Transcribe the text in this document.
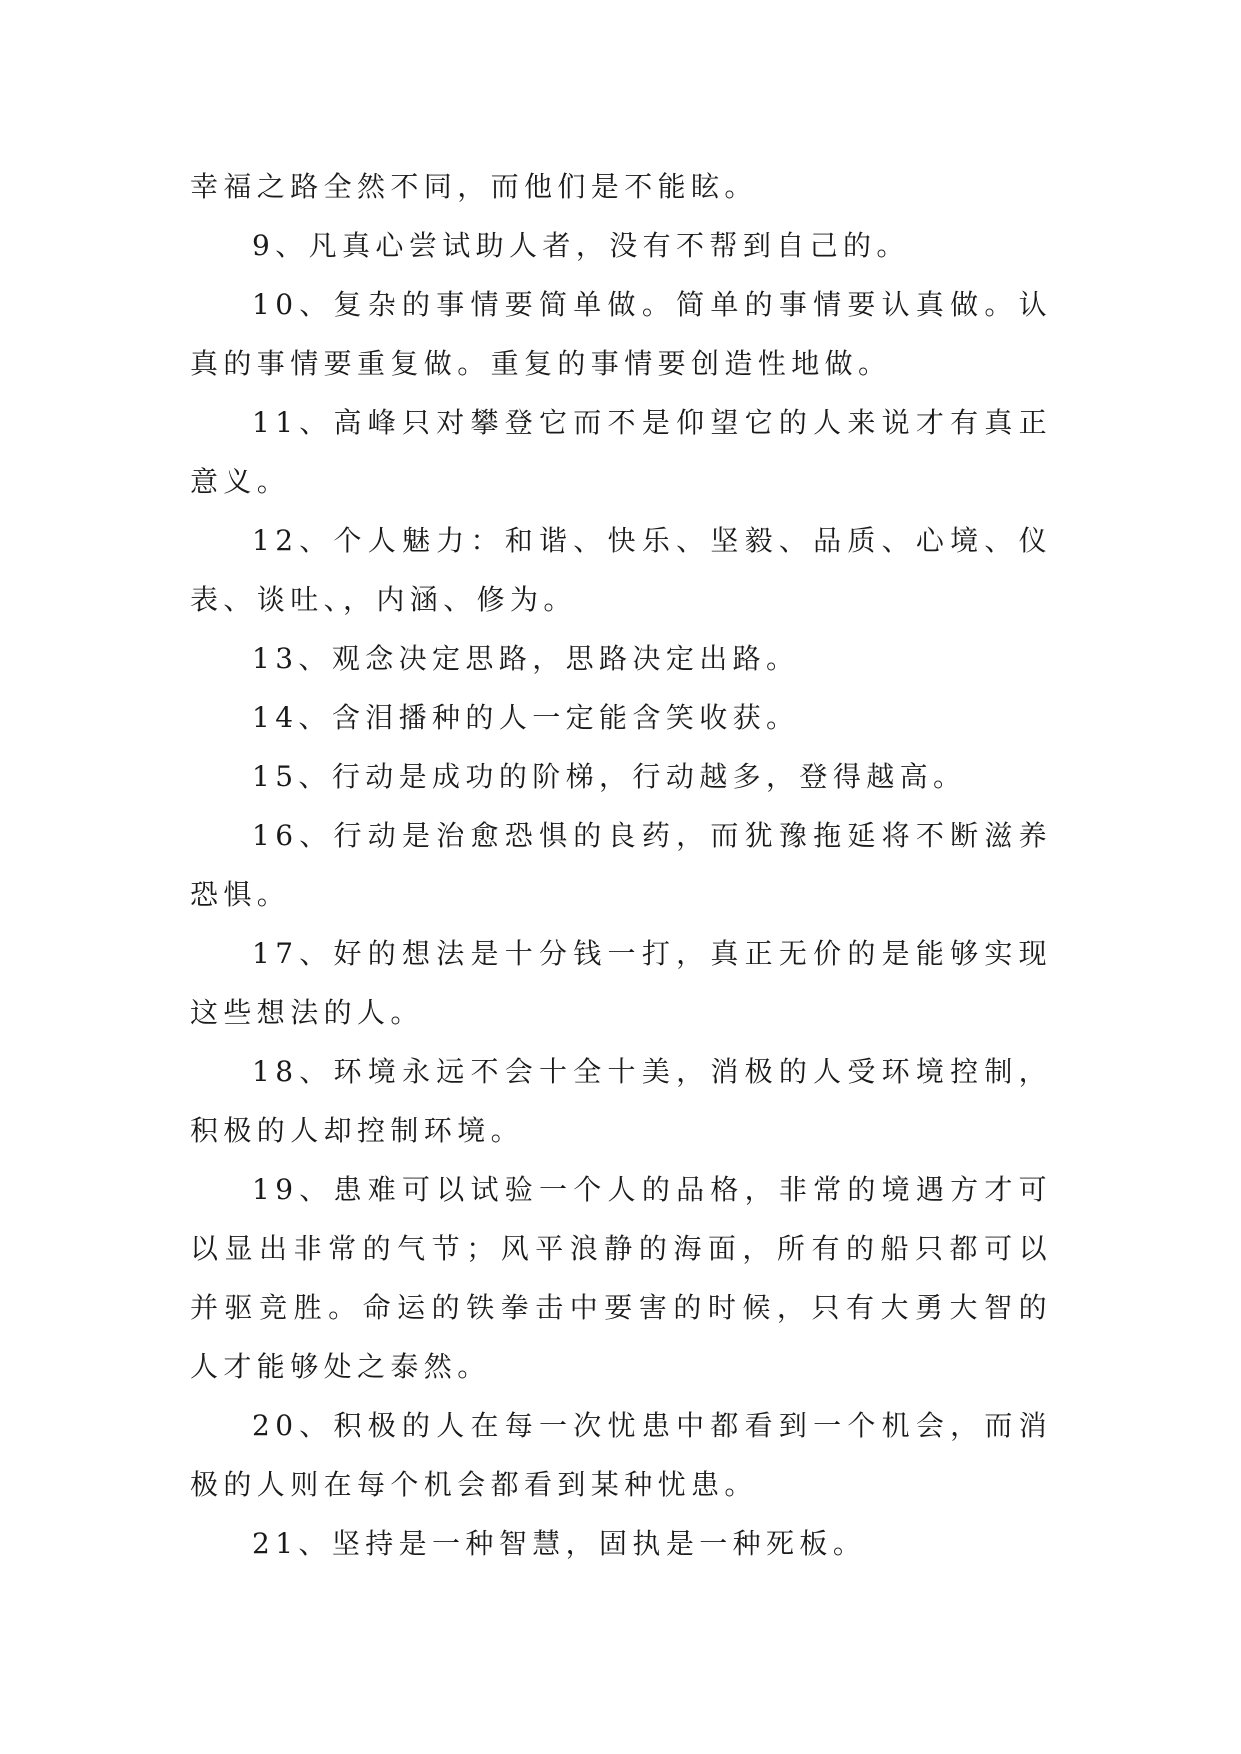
幸福之路全然不同，而他们是不能眩。

9、凡真心尝试助人者，没有不帮到自己的。

10、复杂的事情要简单做。简单的事情要认真做。认真的事情要重复做。重复的事情要创造性地做。

11、高峰只对攀登它而不是仰望它的人来说才有真正意义。

12、个人魅力：和谐、快乐、坚毅、品质、心境、仪表、谈吐、，内涵、修为。

13、观念决定思路，思路决定出路。

14、含泪播种的人一定能含笑收获。

15、行动是成功的阶梯，行动越多，登得越高。

16、行动是治愈恐惧的良药，而犹豫拖延将不断滋养恐惧。

17、好的想法是十分钱一打，真正无价的是能够实现这些想法的人。

18、环境永远不会十全十美，消极的人受环境控制，积极的人却控制环境。

19、患难可以试验一个人的品格，非常的境遇方才可以显出非常的气节；风平浪静的海面，所有的船只都可以并驱竞胜。命运的铁拳击中要害的时候，只有大勇大智的人才能够处之泰然。

20、积极的人在每一次忧患中都看到一个机会，而消极的人则在每个机会都看到某种忧患。

21、坚持是一种智慧，固执是一种死板。
